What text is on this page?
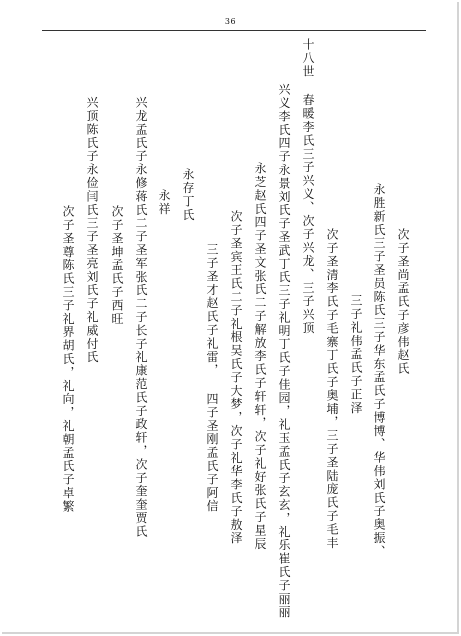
36
次子圣尚孟氏子彦伟赵氏
永胜新氏三子圣员陈氏三子华东孟氏子博博、华伟刘氏子奥振、
三子礼伟孟氏子正泽
次子圣清李氏子毛寨丁氏子奥埔，三子圣陆庞氏子毛丰
十八世 春暖李氏三子兴义、次子兴龙、三子兴顶
兴义李氏四子永景刘氏子圣武丁氏三子礼明丁氏子佳园，礼玉孟氏子玄玄，礼乐崔氏子丽丽
永芝赵氏四子圣文张氏二子解放李氏子轩轩，次子礼好张氏子星辰
次子圣宾王氏二子礼根吴氏子大梦，次子礼华李氏子敖泽
三子圣才赵氏子礼雷， 四子圣刚孟氏子阿信
永存丁氏
永祥
兴龙孟氏子永修蒋氏二子圣军张氏二子长子礼康范氏子政轩，次子奎奎贾氏
次子圣坤孟氏子西旺
兴顶陈氏子永俭闫氏三子圣亮刘氏子礼威付氏
次子圣尊陈氏三子礼界胡氏，礼向，礼朝孟氏子卓繁
